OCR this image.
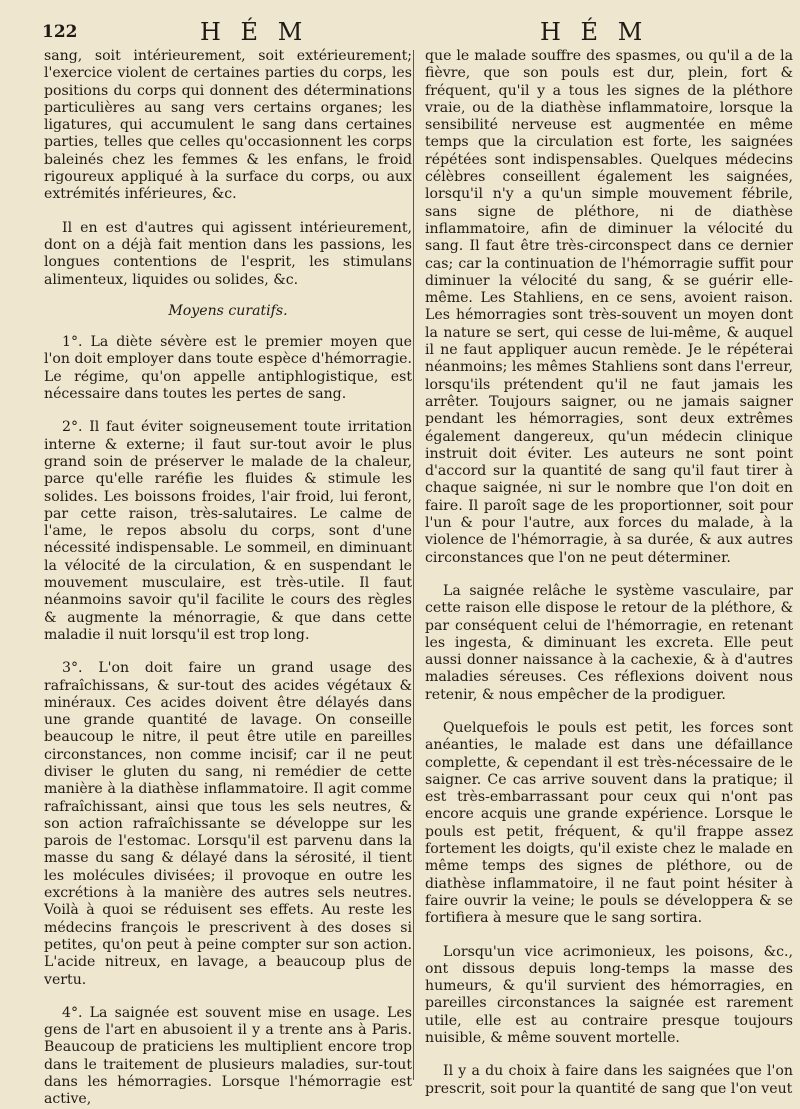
122	H É M	H É M

sang, soit intérieurement, soit extérieurement; l'exercice violent de certaines parties du corps, les positions du corps qui donnent des déterminations particulières au sang vers certains organes; les ligatures, qui accumulent le sang dans certaines parties, telles que celles qu'occasionnent les corps baleinés chez les femmes & les enfans, le froid rigoureux appliqué à la surface du corps, ou aux extrémités inférieures, &c.

Il en est d'autres qui agissent intérieurement, dont on a déjà fait mention dans les passions, les longues contentions de l'esprit, les stimulans alimenteux, liquides ou solides, &c.

Moyens curatifs.

1°. La diète sévère est le premier moyen que l'on doit employer dans toute espèce d'hémorragie. Le régime, qu'on appelle antiphlogistique, est nécessaire dans toutes les pertes de sang.

2°. Il faut éviter soigneusement toute irritation interne & externe; il faut sur-tout avoir le plus grand soin de préserver le malade de la chaleur, parce qu'elle raréfie les fluides & stimule les solides. Les boissons froides, l'air froid, lui feront, par cette raison, très-salutaires. Le calme de l'ame, le repos absolu du corps, sont d'une nécessité indispensable. Le sommeil, en diminuant la vélocité de la circulation, & en suspendant le mouvement musculaire, est très-utile. Il faut néanmoins savoir qu'il facilite le cours des règles & augmente la ménorragie, & que dans cette maladie il nuit lorsqu'il est trop long.

3°. L'on doit faire un grand usage des rafraîchissans, & sur-tout des acides végétaux & minéraux. Ces acides doivent être délayés dans une grande quantité de lavage. On conseille beaucoup le nitre, il peut être utile en pareilles circonstances, non comme incisif; car il ne peut diviser le gluten du sang, ni remédier de cette manière à la diathèse inflammatoire. Il agit comme rafraîchissant, ainsi que tous les sels neutres, & son action rafraîchissante se développe sur les parois de l'estomac. Lorsqu'il est parvenu dans la masse du sang & délayé dans la sérosité, il tient les molécules divisées; il provoque en outre les excrétions à la manière des autres sels neutres. Voilà à quoi se réduisent ses effets. Au reste les médecins françois le prescrivent à des doses si petites, qu'on peut à peine compter sur son action. L'acide nitreux, en lavage, a beaucoup plus de vertu.

4°. La saignée est souvent mise en usage. Les gens de l'art en abusoient il y a trente ans à Paris. Beaucoup de praticiens les multiplient encore trop dans le traitement de plusieurs maladies, sur-tout dans les hémorragies. Lorsque l'hémorragie est active,

que le malade souffre des spasmes, ou qu'il a de la fièvre, que son pouls est dur, plein, fort & fréquent, qu'il y a tous les signes de la pléthore vraie, ou de la diathèse inflammatoire, lorsque la sensibilité nerveuse est augmentée en même temps que la circulation est forte, les saignées répétées sont indispensables. Quelques médecins célèbres conseillent également les saignées, lorsqu'il n'y a qu'un simple mouvement fébrile, sans signe de pléthore, ni de diathèse inflammatoire, afin de diminuer la vélocité du sang. Il faut être très-circonspect dans ce dernier cas; car la continuation de l'hémorragie suffit pour diminuer la vélocité du sang, & se guérir elle-même. Les Stahliens, en ce sens, avoient raison. Les hémorragies sont très-souvent un moyen dont la nature se sert, qui cesse de lui-même, & auquel il ne faut appliquer aucun remède. Je le répéterai néanmoins; les mêmes Stahliens sont dans l'erreur, lorsqu'ils prétendent qu'il ne faut jamais les arrêter. Toujours saigner, ou ne jamais saigner pendant les hémorragies, sont deux extrêmes également dangereux, qu'un médecin clinique instruit doit éviter. Les auteurs ne sont point d'accord sur la quantité de sang qu'il faut tirer à chaque saignée, ni sur le nombre que l'on doit en faire. Il paroît sage de les proportionner, soit pour l'un & pour l'autre, aux forces du malade, à la violence de l'hémorragie, à sa durée, & aux autres circonstances que l'on ne peut déterminer.

La saignée relâche le système vasculaire, par cette raison elle dispose le retour de la pléthore, & par conséquent celui de l'hémorragie, en retenant les ingesta, & diminuant les excreta. Elle peut aussi donner naissance à la cachexie, & à d'autres maladies séreuses. Ces réflexions doivent nous retenir, & nous empêcher de la prodiguer.

Quelquefois le pouls est petit, les forces sont anéanties, le malade est dans une défaillance complette, & cependant il est très-nécessaire de le saigner. Ce cas arrive souvent dans la pratique; il est très-embarrassant pour ceux qui n'ont pas encore acquis une grande expérience. Lorsque le pouls est petit, fréquent, & qu'il frappe assez fortement les doigts, qu'il existe chez le malade en même temps des signes de pléthore, ou de diathèse inflammatoire, il ne faut point hésiter à faire ouvrir la veine; le pouls se développera & se fortifiera à mesure que le sang sortira.

Lorsqu'un vice acrimonieux, les poisons, &c., ont dissous depuis long-temps la masse des humeurs, & qu'il survient des hémorragies, en pareilles circonstances la saignée est rarement utile, elle est au contraire presque toujours nuisible, & même souvent mortelle.

Il y a du choix à faire dans les saignées que l'on prescrit, soit pour la quantité de sang que l'on veut
